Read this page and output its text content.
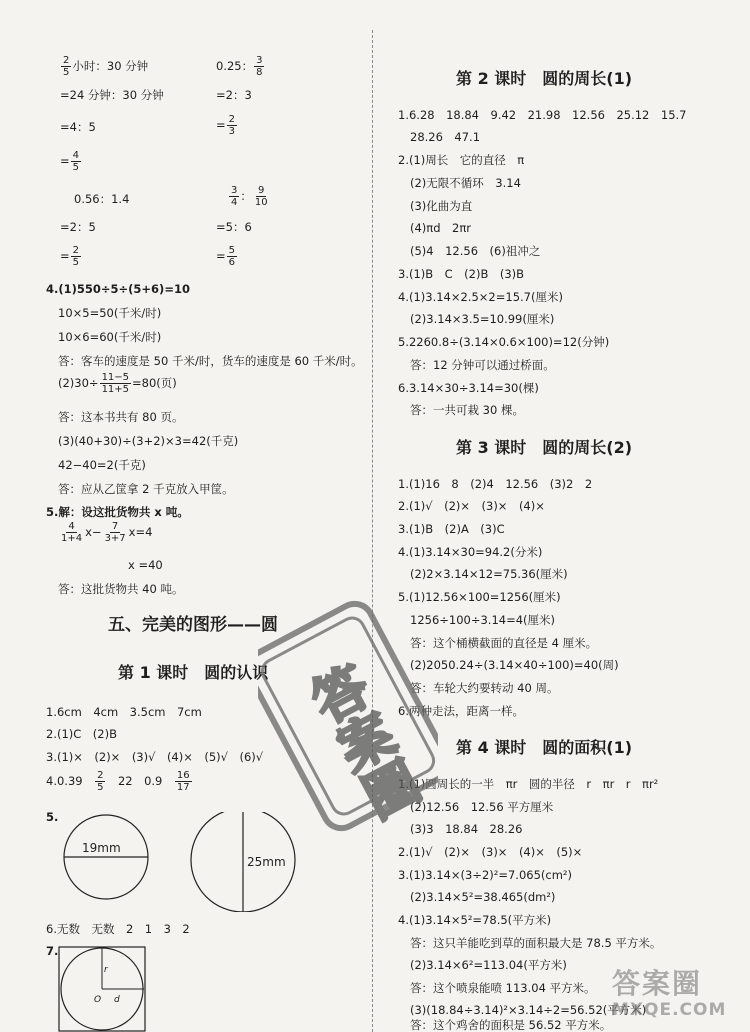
$\frac{2}{5}$ 小时：30 分钟	0.25： $\frac{3}{8}$
=24 分钟：30 分钟	=2：3
=4：5	= $\frac{2}{3}$
= $\frac{4}{5}$
0.56：1.4	$\frac{3}{4}$ ： $\frac{9}{10}$
=2：5	=5：6
= $\frac{2}{5}$	= $\frac{5}{6}$
4.(1)550÷5÷(5+6)=10
10×5=50(千米/时)
10×6=60(千米/时)
答：客车的速度是 50 千米/时，货车的速度是 60 千米/时。
$(2)30\div \frac{11-5}{11+5} =80$(页)
答：这本书共有 80 页。
(3)(40+30)÷(3+2)×3=42(千克)
42−40=2(千克)
答：应从乙筐拿 2 千克放入甲筐。
5.解：设这批货物共 x 吨。
$\frac{4}{1+4} x- \frac{7}{3+7} x=4$
x =40
答：这批货物共 40 吨。
五、完美的图形——圆
第 1 课时　圆的认识
1.6cm　4cm　3.5cm　7cm
2.(1)C　(2)B
3.(1)×　(2)×　(3)√　(4)×　(5)√　(6)√
4.0.39　 $\frac{2}{5}$ 　22　0.9　 $\frac{16}{17}$
5.
19mm
25mm
6.无数　无数　2　1　3　2
7.
r
O d
第 2 课时　圆的周长(1)
1.6.28　18.84　9.42　21.98　12.56　25.12　15.7
28.26　47.1
2.(1)周长　它的直径　π
(2)无限不循环　3.14
(3)化曲为直
(4)πd　2πr
(5)4　12.56　(6)祖冲之
3.(1)B　C　(2)B　(3)B
4.(1)3.14×2.5×2=15.7(厘米)
(2)3.14×3.5=10.99(厘米)
5.2260.8÷(3.14×0.6×100)=12(分钟)
答：12 分钟可以通过桥面。
6.3.14×30÷3.14=30(棵)
答：一共可栽 30 棵。
第 3 课时　圆的周长(2)
1.(1)16　8　(2)4　12.56　(3)2　2
2.(1)√　(2)×　(3)×　(4)×
3.(1)B　(2)A　(3)C
4.(1)3.14×30=94.2(分米)
(2)2×3.14×12=75.36(厘米)
5.(1)12.56×100=1256(厘米)
1256÷100÷3.14=4(厘米)
答：这个桶横截面的直径是 4 厘米。
(2)2050.24÷(3.14×40÷100)=40(周)
答：车轮大约要转动 40 周。
6.两种走法，距离一样。
第 4 课时　圆的面积(1)
1.(1)圆周长的一半　πr　圆的半径　r　πr　r　πr²
(2)12.56　12.56 平方厘米
(3)3　18.84　28.26
2.(1)√　(2)×　(3)×　(4)×　(5)×
3.(1)3.14×(3÷2)²=7.065(cm²)
(2)3.14×5²=38.465(dm²)
4.(1)3.14×5²=78.5(平方米)
答：这只羊能吃到草的面积最大是 78.5 平方米。
(2)3.14×6²=113.04(平方米)
答：这个喷泉能喷 113.04 平方米。
(3)(18.84÷3.14)²×3.14÷2=56.52(平方米)
答：这个鸡舍的面积是 56.52 平方米。
答案圈
答案圈
MXQE.COM
